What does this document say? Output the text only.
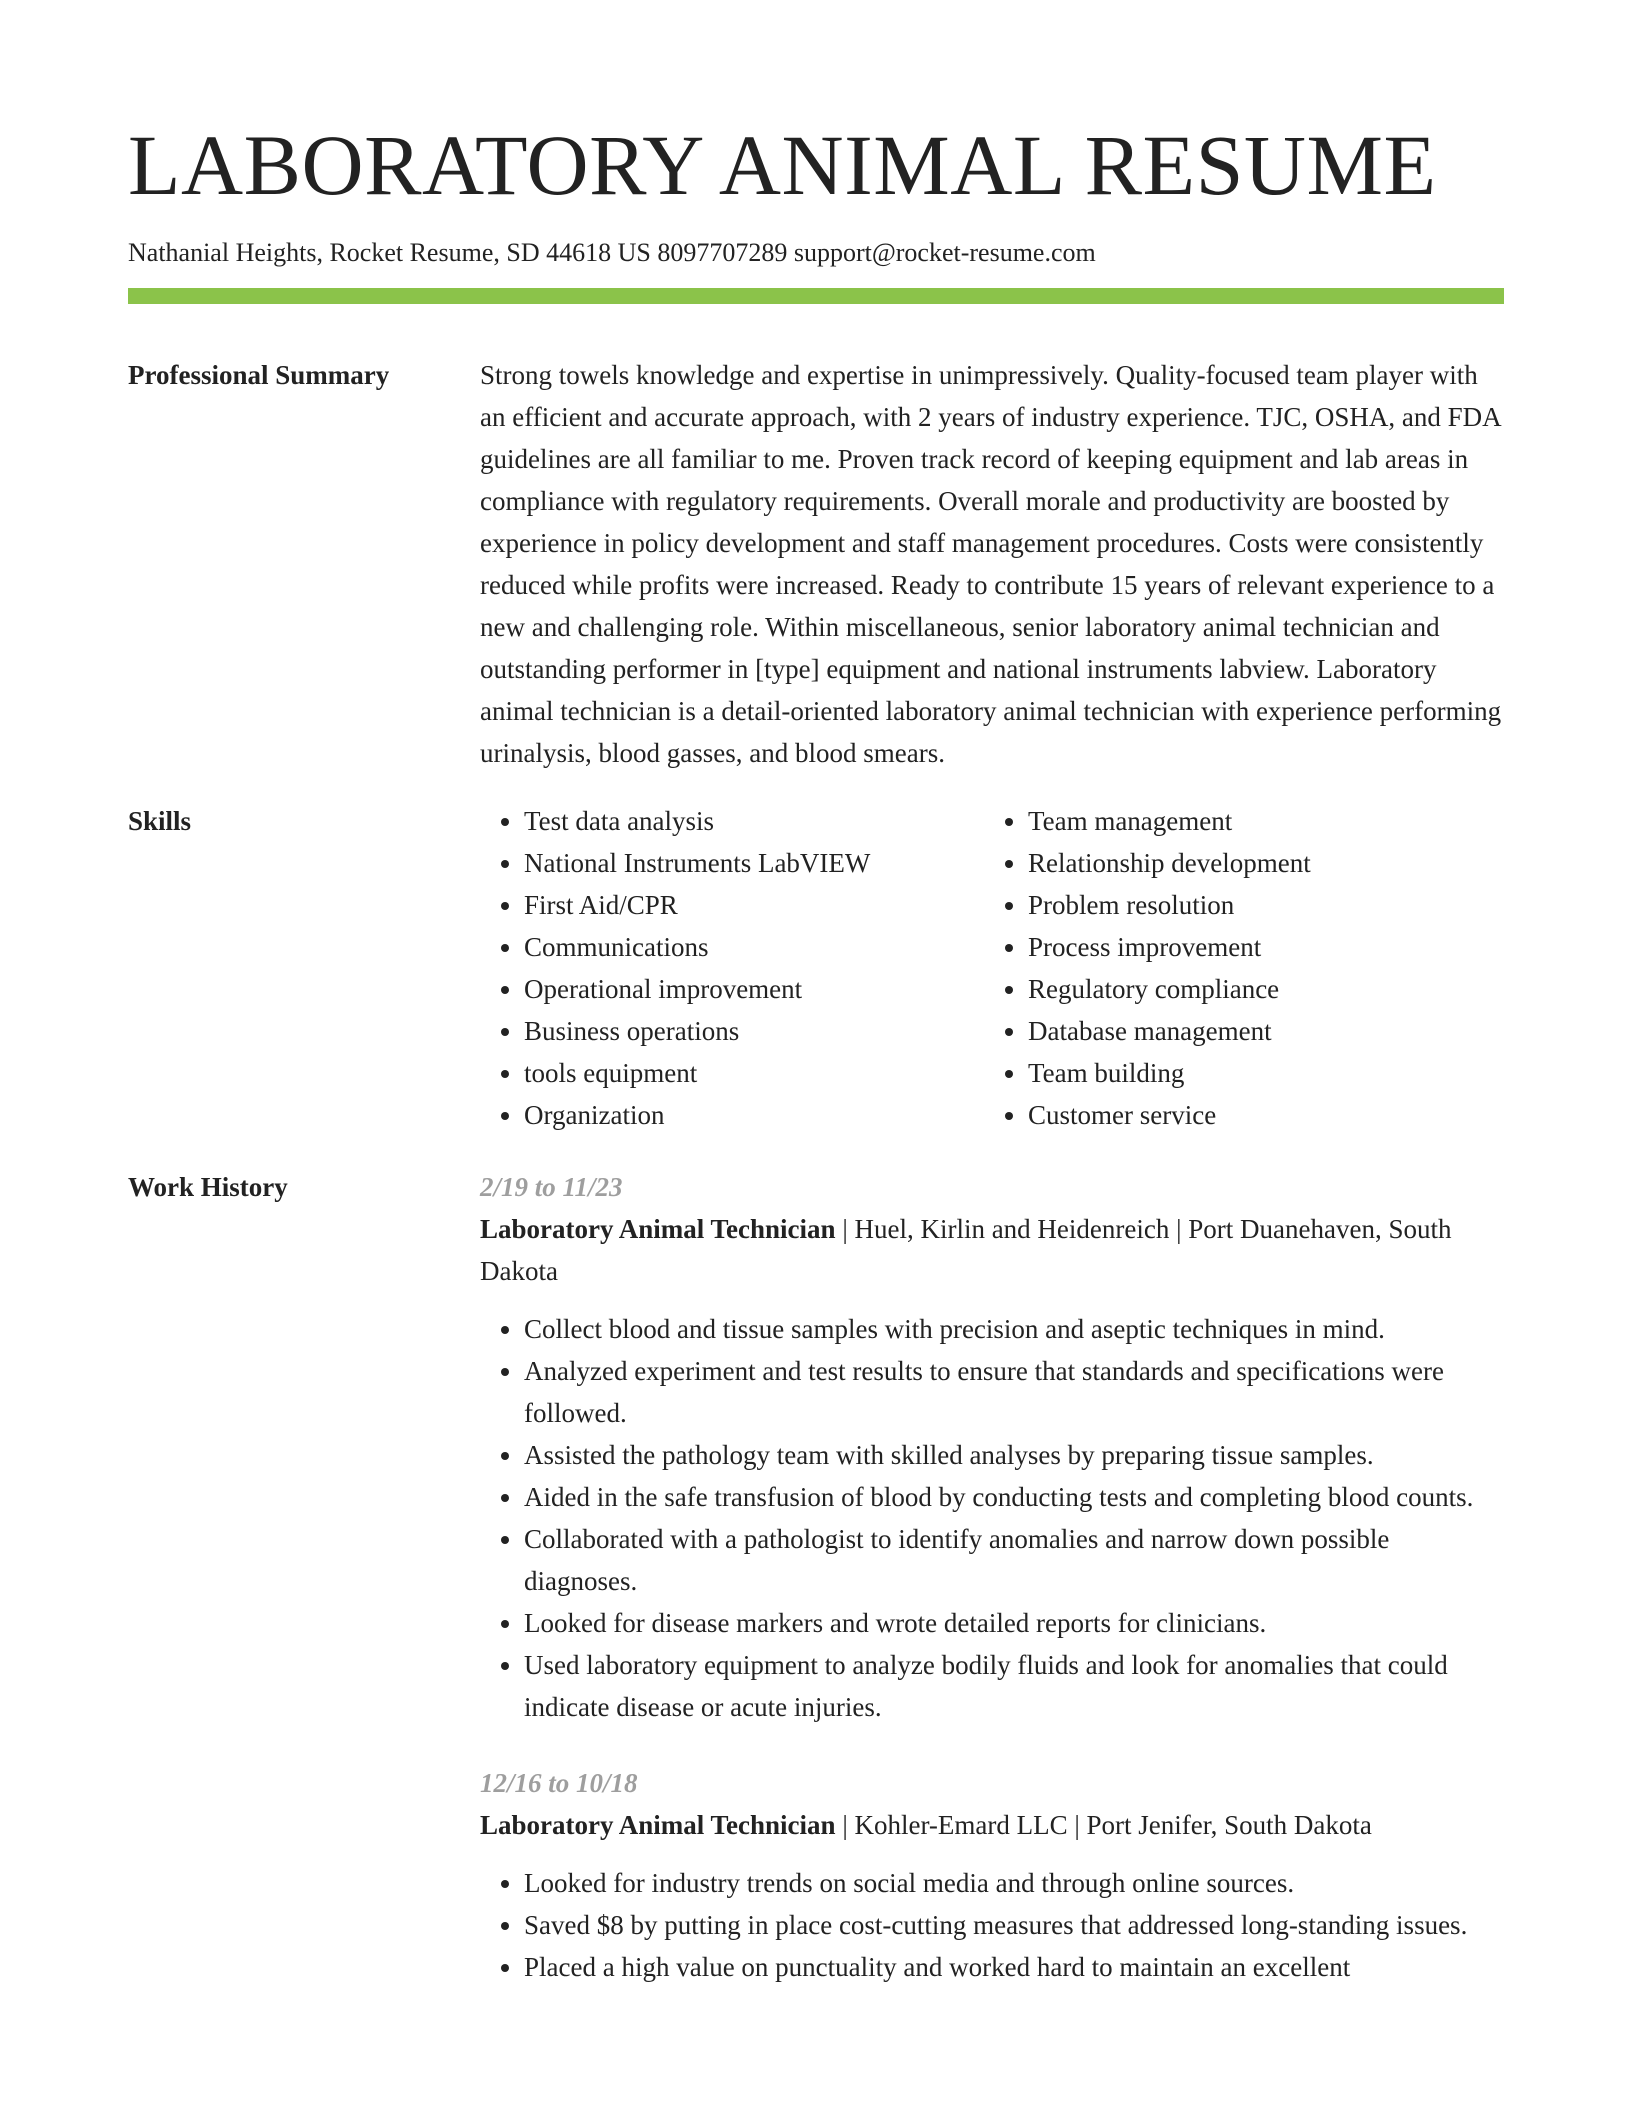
LABORATORY ANIMAL RESUME
Nathanial Heights, Rocket Resume, SD 44618 US 8097707289 support@rocket-resume.com
Professional Summary	Strong towels knowledge and expertise in unimpressively. Quality-focused team player with an efficient and accurate approach, with 2 years of industry experience. TJC, OSHA, and FDA guidelines are all familiar to me. Proven track record of keeping equipment and lab areas in compliance with regulatory requirements. Overall morale and productivity are boosted by experience in policy development and staff management procedures. Costs were consistently reduced while profits were increased. Ready to contribute 15 years of relevant experience to a new and challenging role. Within miscellaneous, senior laboratory animal technician and outstanding performer in [type] equipment and national instruments labview. Laboratory animal technician is a detail-oriented laboratory animal technician with experience performing urinalysis, blood gasses, and blood smears.

Skills
•	Test data analysis
• National Instruments LabVIEW
• First Aid/CPR
• Communications
• Operational improvement
• Business operations
• tools equipment
• Organization
• Team management
• Relationship development
• Problem resolution
• Process improvement
• Regulatory compliance
• Database management
• Team building
• Customer service
Work History	2/19 to 11/23
Laboratory Animal Technician | Huel, Kirlin and Heidenreich | Port Duanehaven, South Dakota
• Collect blood and tissue samples with precision and aseptic techniques in mind.
• Analyzed experiment and test results to ensure that standards and specifications were followed.
• Assisted the pathology team with skilled analyses by preparing tissue samples.
• Aided in the safe transfusion of blood by conducting tests and completing blood counts.
• Collaborated with a pathologist to identify anomalies and narrow down possible diagnoses.
• Looked for disease markers and wrote detailed reports for clinicians.
• Used laboratory equipment to analyze bodily fluids and look for anomalies that could indicate disease or acute injuries.
12/16 to 10/18
Laboratory Animal Technician | Kohler-Emard LLC | Port Jenifer, South Dakota
• Looked for industry trends on social media and through online sources.
• Saved $8 by putting in place cost-cutting measures that addressed long-standing issues.
• Placed a high value on punctuality and worked hard to maintain an excellent
